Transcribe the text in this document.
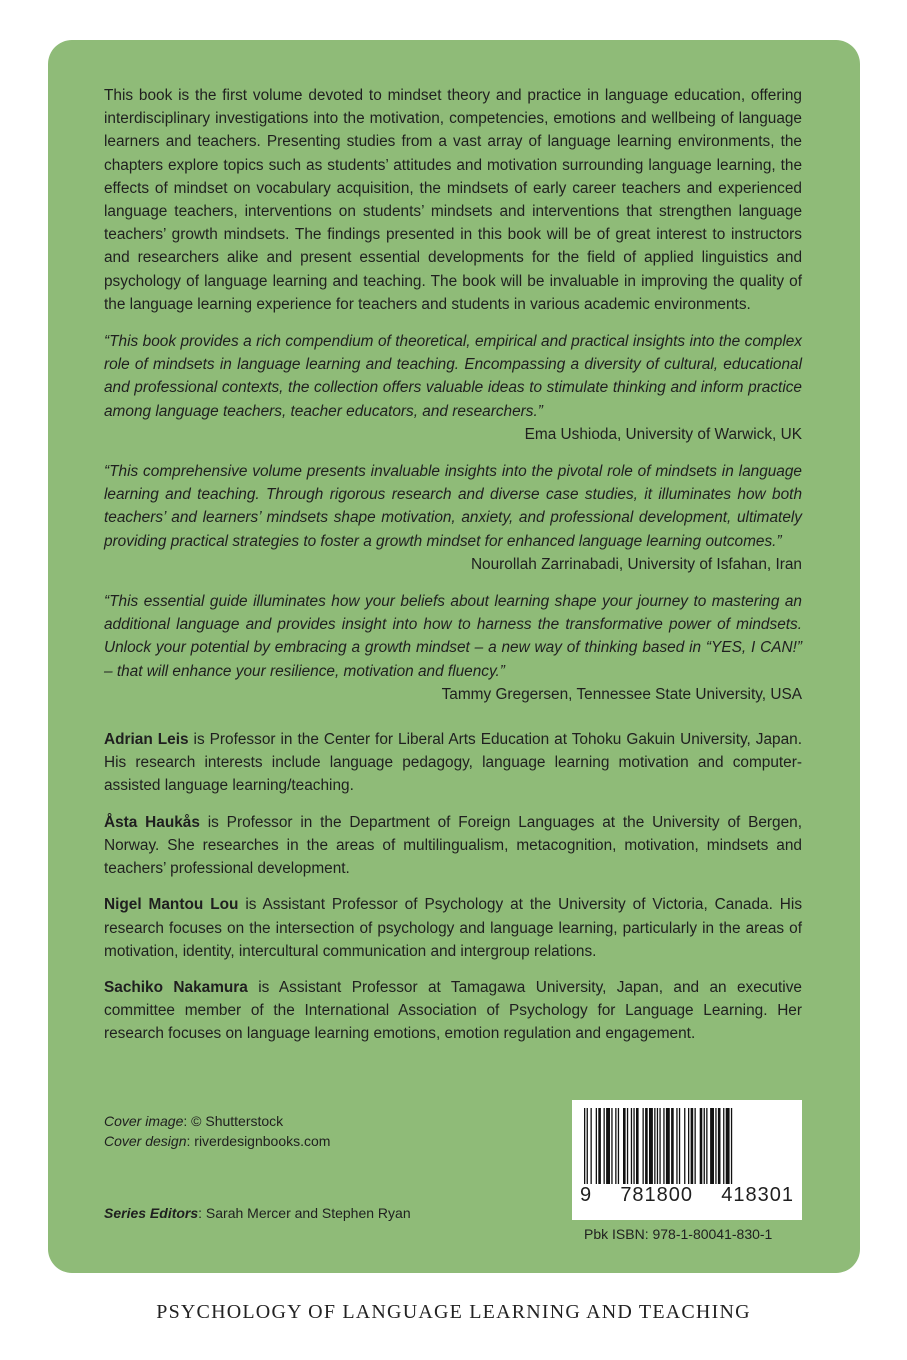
This book is the first volume devoted to mindset theory and practice in language education, offering interdisciplinary investigations into the motivation, competencies, emotions and wellbeing of language learners and teachers. Presenting studies from a vast array of language learning environments, the chapters explore topics such as students’ attitudes and motivation surrounding language learning, the effects of mindset on vocabulary acquisition, the mindsets of early career teachers and experienced language teachers, interventions on students’ mindsets and interventions that strengthen language teachers’ growth mindsets. The findings presented in this book will be of great interest to instructors and researchers alike and present essential developments for the field of applied linguistics and psychology of language learning and teaching. The book will be invaluable in improving the quality of the language learning experience for teachers and students in various academic environments.

“This book provides a rich compendium of theoretical, empirical and practical insights into the complex role of mindsets in language learning and teaching. Encompassing a diversity of cultural, educational and professional contexts, the collection offers valuable ideas to stimulate thinking and inform practice among language teachers, teacher educators, and researchers.”

Ema Ushioda, University of Warwick, UK

“This comprehensive volume presents invaluable insights into the pivotal role of mindsets in language learning and teaching. Through rigorous research and diverse case studies, it illuminates how both teachers’ and learners’ mindsets shape motivation, anxiety, and professional development, ultimately providing practical strategies to foster a growth mindset for enhanced language learning outcomes.”

Nourollah Zarrinabadi, University of Isfahan, Iran

“This essential guide illuminates how your beliefs about learning shape your journey to mastering an additional language and provides insight into how to harness the transformative power of mindsets. Unlock your potential by embracing a growth mindset – a new way of thinking based in “YES, I CAN!” – that will enhance your resilience, motivation and fluency.”

Tammy Gregersen, Tennessee State University, USA

Adrian Leis is Professor in the Center for Liberal Arts Education at Tohoku Gakuin University, Japan. His research interests include language pedagogy, language learning motivation and computer-assisted language learning/teaching.

Åsta Haukås is Professor in the Department of Foreign Languages at the University of Bergen, Norway. She researches in the areas of multilingualism, metacognition, motivation, mindsets and teachers’ professional development.

Nigel Mantou Lou is Assistant Professor of Psychology at the University of Victoria, Canada. His research focuses on the intersection of psychology and language learning, particularly in the areas of motivation, identity, intercultural communication and intergroup relations.

Sachiko Nakamura is Assistant Professor at Tamagawa University, Japan, and an executive committee member of the International Association of Psychology for Language Learning. Her research focuses on language learning emotions, emotion regulation and engagement.

Cover image: © Shutterstock
Cover design: riverdesignbooks.com
Series Editors: Sarah Mercer and Stephen Ryan
9 781800 418301
Pbk ISBN: 978-1-80041-830-1
PSYCHOLOGY OF LANGUAGE LEARNING AND TEACHING
